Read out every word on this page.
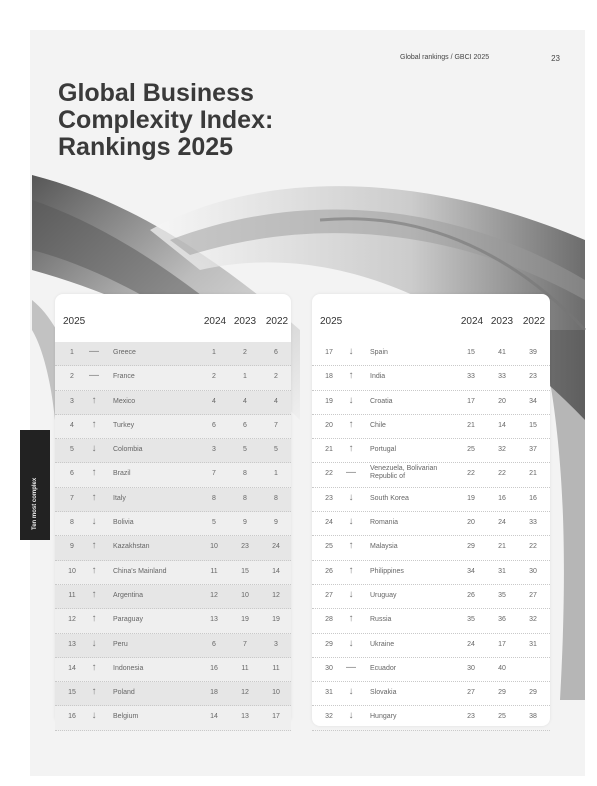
Global rankings / GBCI 2025	23
Global Business
Complexity Index:
Rankings 2025
Ten most complex
2025	2024 2023 2022
1	— Greece	1	2	6
2	— France	2	1	2
3	↑	Mexico	4	4	4
4	↑	Turkey	6	6	7
5	↓	Colombia	3	5	5
6	↑	Brazil	7	8	1
7	↑	Italy	8	8	8
8	↓	Bolivia	5	9	9
9	↑	Kazakhstan	10	23	24
10	↑	China's Mainland	11	15	14
11	↑	Argentina	12	10	12
12	↑	Paraguay	13	19	19
13	↓	Peru	6	7	3
14	↑	Indonesia	16	11	11
15	↑	Poland	18	12	10
16	↓	Belgium	14	13	17
2025	2024 2023 2022
17	↓	Spain	15	41	39
18	↑	India	33	33	23
19	↓	Croatia	17	20	34
20	↑	Chile	21	14	15
21	↑	Portugal	25	32	37
22	— Venezuela, Bolivarian Republic of	22	22	21
23	↓	South Korea	19	16	16
24	↓	Romania	20	24	33
25	↑	Malaysia	29	21	22
26	↑	Philippines	34	31	30
27	↓	Uruguay	26	35	27
28	↑	Russia	35	36	32
29	↓	Ukraine	24	17	31
30	— Ecuador	30	40
31	↓	Slovakia	27	29	29
32	↓	Hungary	23	25	38
